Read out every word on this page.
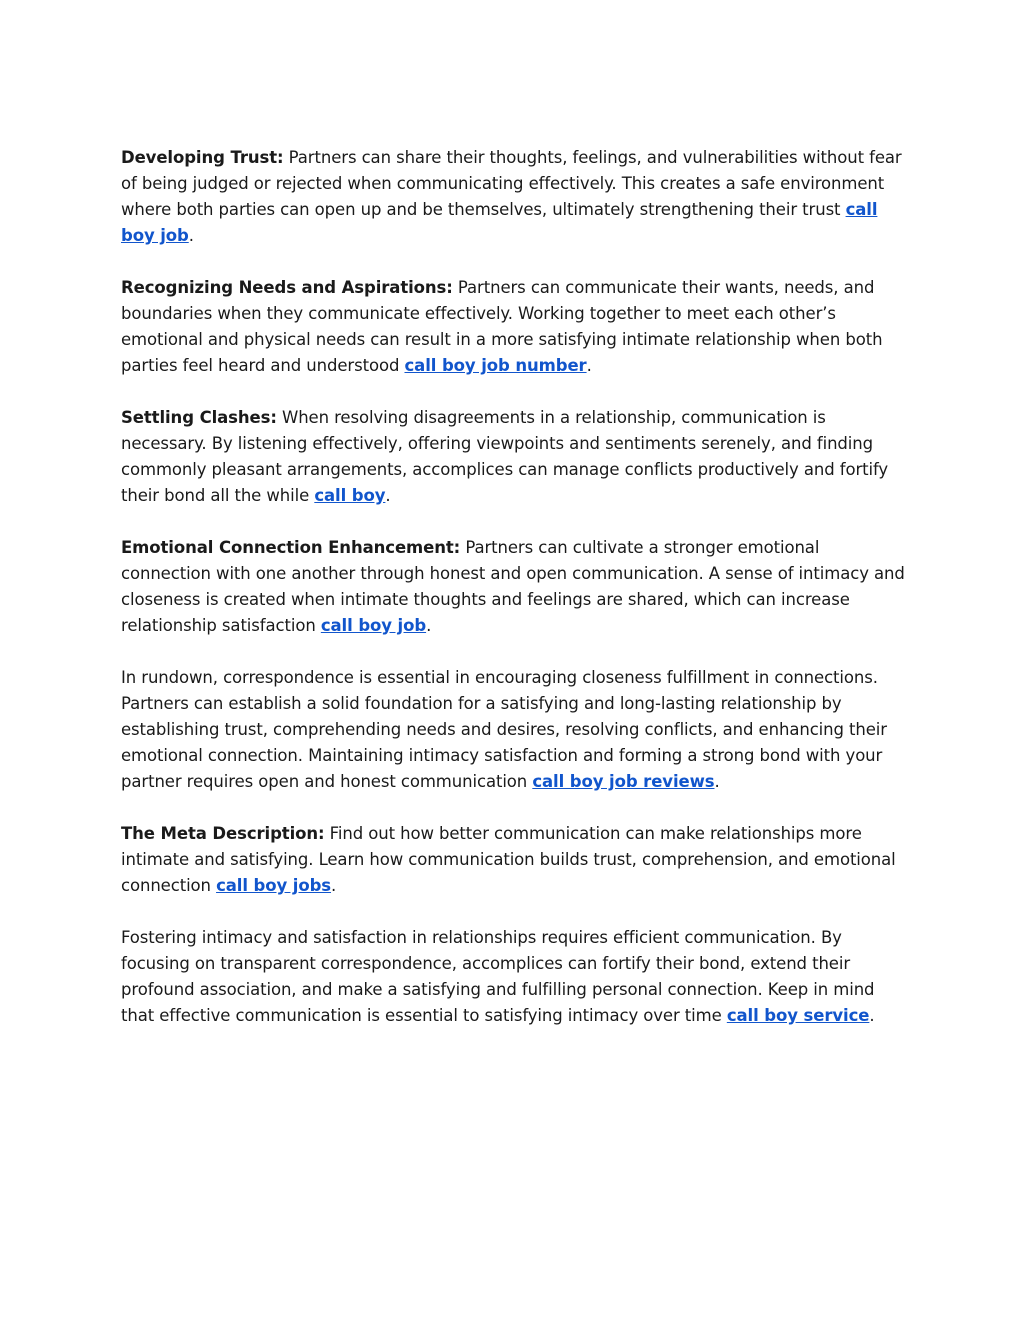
Developing Trust: Partners can share their thoughts, feelings, and vulnerabilities without fear of being judged or rejected when communicating effectively. This creates a safe environment where both parties can open up and be themselves, ultimately strengthening their trust call boy job.

Recognizing Needs and Aspirations: Partners can communicate their wants, needs, and boundaries when they communicate effectively. Working together to meet each other’s emotional and physical needs can result in a more satisfying intimate relationship when both parties feel heard and understood call boy job number.

Settling Clashes: When resolving disagreements in a relationship, communication is necessary. By listening effectively, offering viewpoints and sentiments serenely, and finding commonly pleasant arrangements, accomplices can manage conflicts productively and fortify their bond all the while call boy.

Emotional Connection Enhancement: Partners can cultivate a stronger emotional connection with one another through honest and open communication. A sense of intimacy and closeness is created when intimate thoughts and feelings are shared, which can increase relationship satisfaction call boy job.

In rundown, correspondence is essential in encouraging closeness fulfillment in connections. Partners can establish a solid foundation for a satisfying and long-lasting relationship by establishing trust, comprehending needs and desires, resolving conflicts, and enhancing their emotional connection. Maintaining intimacy satisfaction and forming a strong bond with your partner requires open and honest communication call boy job reviews.

The Meta Description: Find out how better communication can make relationships more intimate and satisfying. Learn how communication builds trust, comprehension, and emotional connection call boy jobs.

Fostering intimacy and satisfaction in relationships requires efficient communication. By focusing on transparent correspondence, accomplices can fortify their bond, extend their profound association, and make a satisfying and fulfilling personal connection. Keep in mind that effective communication is essential to satisfying intimacy over time call boy service.
